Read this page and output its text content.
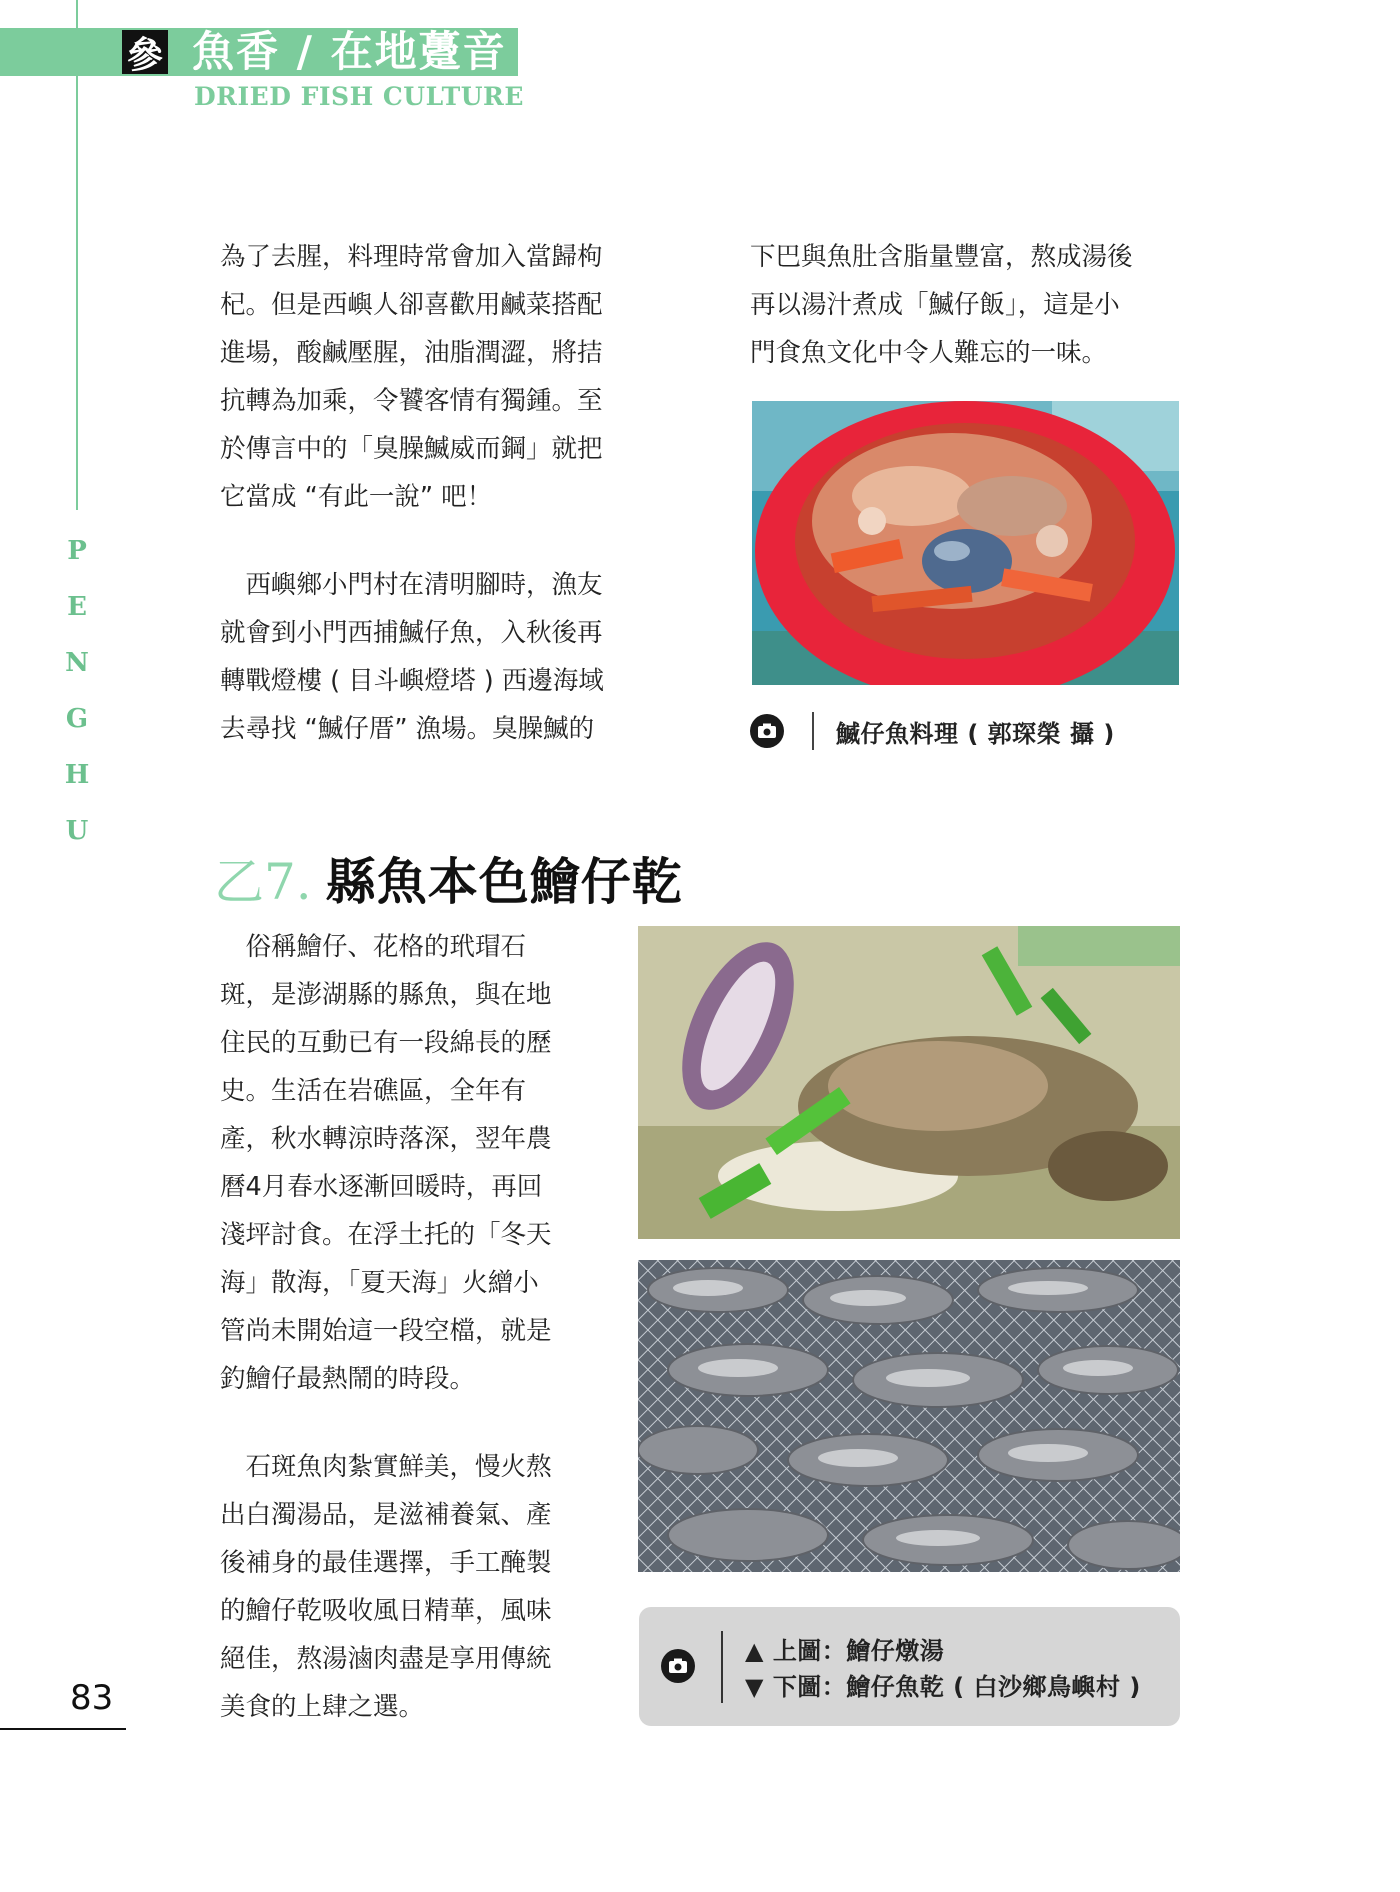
參 魚香 / 在地躉音
DRIED FISH CULTURE
P
E
N
G
H
U
83

為了去腥，料理時常會加入當歸枸
杞。但是西嶼人卻喜歡用鹹菜搭配
進場，酸鹹壓腥，油脂潤澀，將拮
抗轉為加乘，令饕客情有獨鍾。至
於傳言中的「臭臊鰄威而鋼」就把
它當成 “有此一說” 吧！

　西嶼鄉小門村在清明腳時，漁友
就會到小門西捕鰄仔魚，入秋後再
轉戰燈樓 ( 目斗嶼燈塔 ) 西邊海域
去尋找 “鰄仔厝” 漁場。臭臊鰄的

下巴與魚肚含脂量豐富，熬成湯後
再以湯汁煮成「鰄仔飯」，這是小
門食魚文化中令人難忘的一味。

鰄仔魚料理 ( 郭琛榮 攝 )
乙7. 縣魚本色鱠仔乾

　俗稱鱠仔、花格的玳瑁石
斑，是澎湖縣的縣魚，與在地
住民的互動已有一段綿長的歷
史。生活在岩礁區，全年有
產，秋水轉涼時落深，翌年農
曆4月春水逐漸回暖時，再回
淺坪討食。在浮土托的「冬天
海」散海，「夏天海」火繒小
管尚未開始這一段空檔，就是
釣鱠仔最熱鬧的時段。

　石斑魚肉紮實鮮美，慢火熬
出白濁湯品，是滋補養氣、產
後補身的最佳選擇，手工醃製
的鱠仔乾吸收風日精華，風味
絕佳，熬湯滷肉盡是享用傳統
美食的上肆之選。

▲ 上圖：鱠仔燉湯
▼ 下圖：鱠仔魚乾 ( 白沙鄉鳥嶼村 )
